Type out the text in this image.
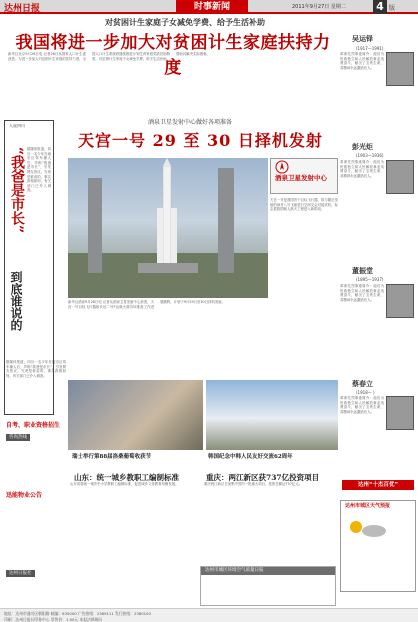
达州日报	时事新闻	2011年9月27日 星期二	4 版
对贫困计生家庭子女减免学费、给予生活补助
我国将进一步加大对贫困计生家庭扶持力度
新华社北京9月26日电 记者26日从国家人口计生委获悉，为进一步加大对贫困计生家庭的扶持力度，全国人口计生系统将继续推进计划生育家庭奖励扶助制度，对贫困计生家庭子女减免学费、给予生活补助，帮助其解决实际困难。
人说四川
“我爸是市长”
到底谁说的
据媒体报道，四川一名少年在闹市区驾车撞人后，声称“我爸是市长”，引发网友热议。究竟是谁说的，事实真相如何，有关部门已介入调查。
据媒体报道，四川一名少年在闹市区驾车撞人后，声称“我爸是市长”，引发网友热议。究竟是谁说的，事实真相如何，有关部门已介入调查。
酒泉卫星发射中心做好各项准备
天宫一号 29 至 30 日择机发射
酒泉卫星发射中心
天宫一号是我国首个目标飞行器，将与随后发射的神舟八号飞船进行空间交会对接试验，标志着我国载人航天工程进入新阶段。
新华社酒泉9月26日电 记者从酒泉卫星发射中心获悉，天宫一号目标飞行器和长征二号F运载火箭各项准备工作进展顺利，计划于9月29日至30日择机发射。
吴运铎
(1917—1991)
革命先烈事迹简介：他们为民族独立和人民解放事业英勇奋斗，献出了宝贵生命，其精神永远激励后人。
彭光炬
(1903—1936)
革命先烈事迹简介：他们为民族独立和人民解放事业英勇奋斗，献出了宝贵生命，其精神永远激励后人。
董振堂
(1895—1937)
革命先烈事迹简介：他们为民族独立和人民解放事业英勇奋斗，献出了宝贵生命，其精神永远激励后人。
蔡春立
(1918— )
革命先烈事迹简介：他们为民族独立和人民解放事业英勇奋斗，献出了宝贵生命，其精神永远激励后人。
达州“十杰百优”
瑞士举行第88届洛桑葡萄收获节	韩国纪念中韩人民友好交流62周年
山东：统一城乡教职工编制标准
山东省将统一城乡中小学教职工编制标准，促进城乡义务教育均衡发展。
重庆：两江新区获737亿投资项目
重庆两江新区日前集中签约一批重大项目，投资总额达737亿元。
达州市城区环境空气质量日报
自考、职业资格招生
咨询热线
迅能物业公告
达州日报社
达州市城区天气预报
地址：达州市通川区朝阳路 邮编：635000 广告热线：2389111 发行热线：2380100
印刷：达州日报社印务中心 零售价：1.00元 本报法律顾问
